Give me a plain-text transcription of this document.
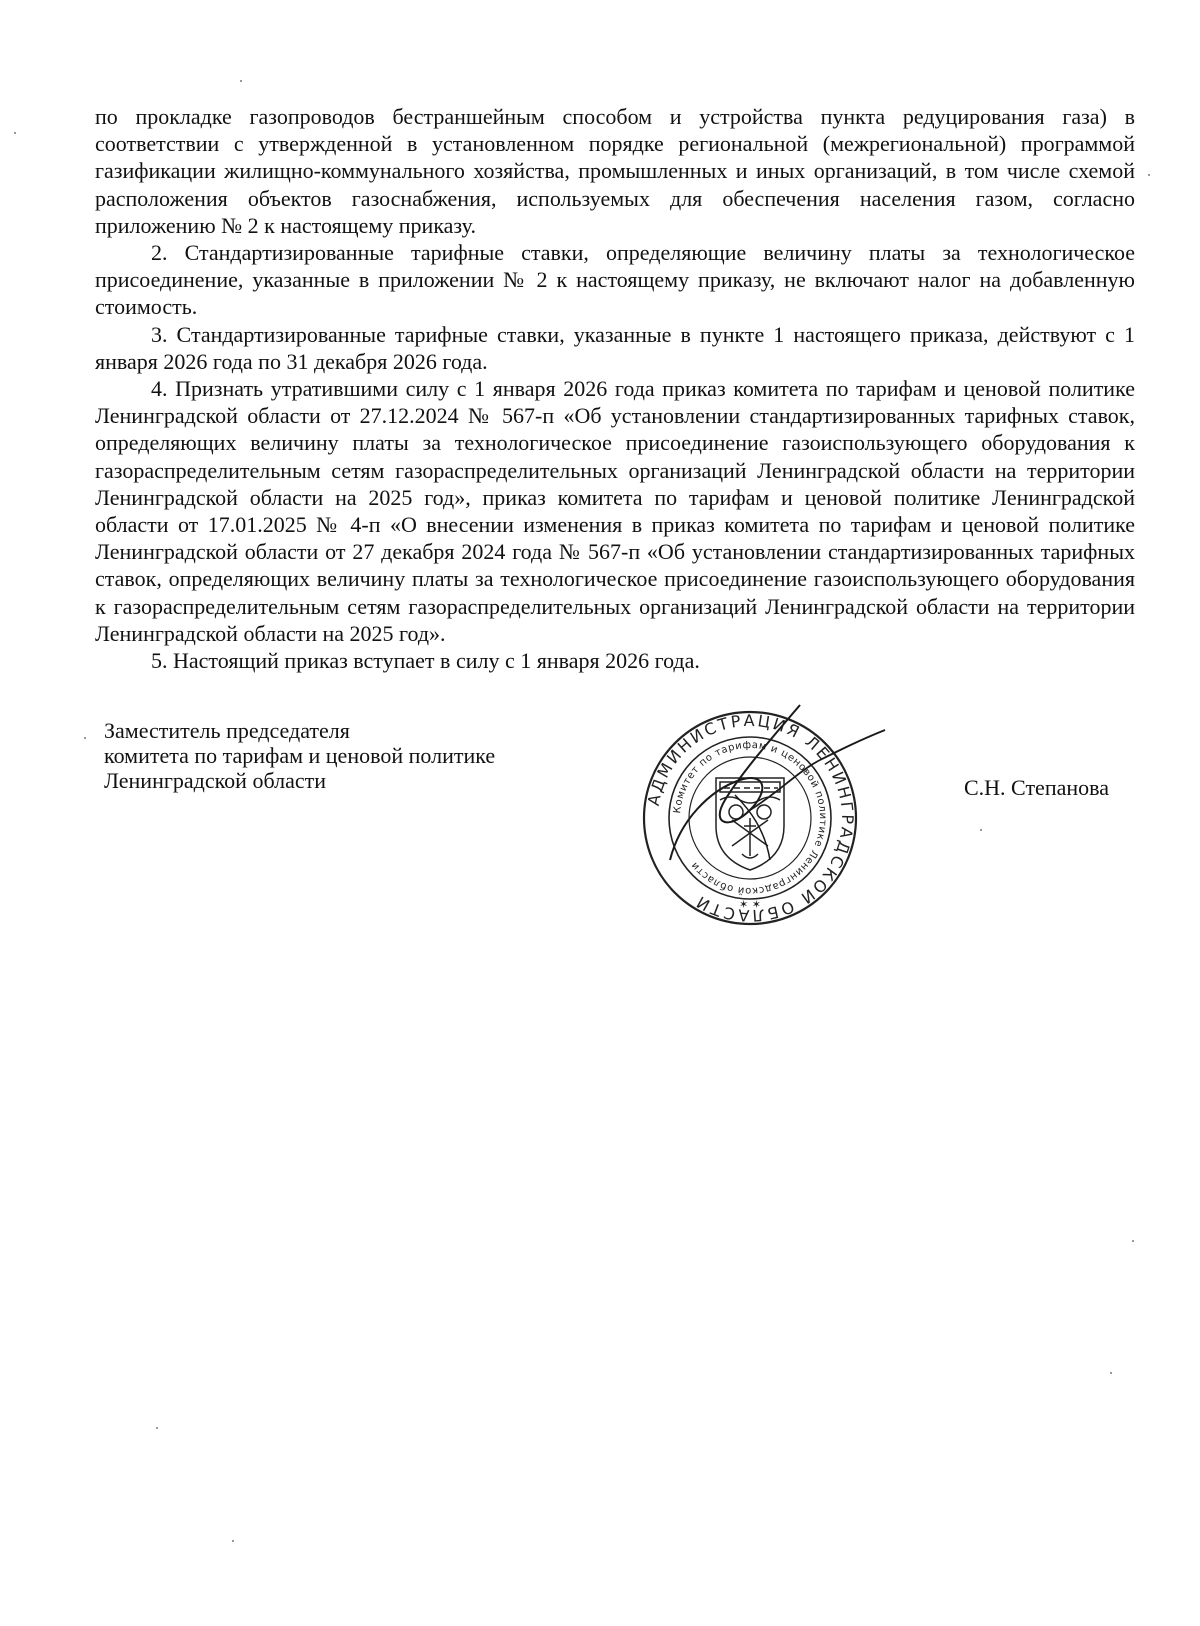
по прокладке газопроводов бестраншейным способом и устройства пункта редуцирования газа) в соответствии с утвержденной в установленном порядке региональной (межрегиональной) программой газификации жилищно-коммунального хозяйства, промышленных и иных организаций, в том числе схемой расположения объектов газоснабжения, используемых для обеспечения населения газом, согласно приложению № 2 к настоящему приказу.

2. Стандартизированные тарифные ставки, определяющие величину платы за технологическое присоединение, указанные в приложении № 2 к настоящему приказу, не включают налог на добавленную стоимость.

3. Стандартизированные тарифные ставки, указанные в пункте 1 настоящего приказа, действуют с 1 января 2026 года по 31 декабря 2026 года.

4. Признать утратившими силу с 1 января 2026 года приказ комитета по тарифам и ценовой политике Ленинградской области от 27.12.2024 № 567-п «Об установлении стандартизированных тарифных ставок, определяющих величину платы за технологическое присоединение газоиспользующего оборудования к газораспределительным сетям газораспределительных организаций Ленинградской области на территории Ленинградской области на 2025 год», приказ комитета по тарифам и ценовой политике Ленинградской области от 17.01.2025 № 4-п «О внесении изменения в приказ комитета по тарифам и ценовой политике Ленинградской области от 27 декабря 2024 года № 567-п «Об установлении стандартизированных тарифных ставок, определяющих величину платы за технологическое присоединение газоиспользующего оборудования к газораспределительным сетям газораспределительных организаций Ленинградской области на территории Ленинградской области на 2025 год».

5. Настоящий приказ вступает в силу с 1 января 2026 года.

Заместитель председателя
комитета по тарифам и ценовой политике
Ленинградской области
АДМИНИСТРАЦИЯ ЛЕНИНГРАДСКОЙ ОБЛАСТИ
Комитет по тарифам и ценовой политике Ленинградской области
✶ ✶
С.Н. Степанова
